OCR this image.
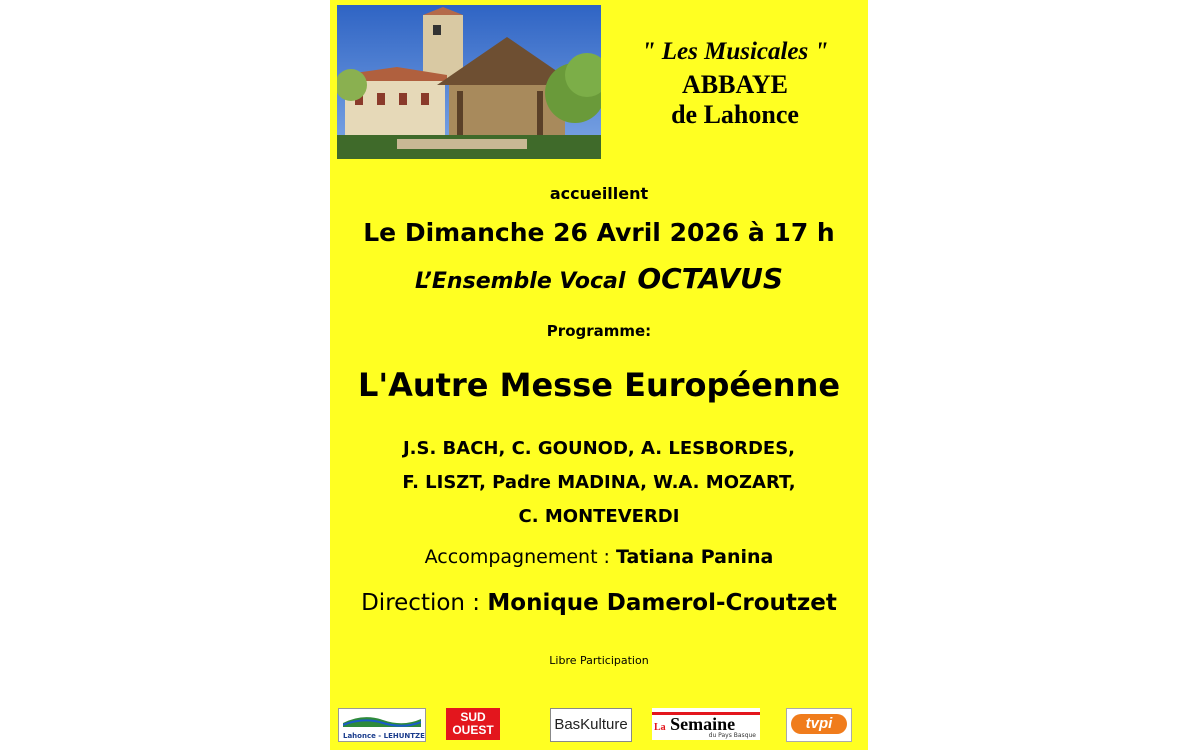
" Les Musicales "
ABBAYE
de Lahonce
accueillent
Le Dimanche 26 Avril 2026 à 17 h
L’Ensemble Vocal OCTAVUS
Programme:
L'Autre Messe Européenne
J.S. BACH, C. GOUNOD, A. LESBORDES,
F. LISZT, Padre MADINA, W.A. MOZART,
C. MONTEVERDI
Accompagnement : Tatiana Panina
Direction : Monique Damerol-Croutzet
Libre Participation
Lahonce - LEHUNTZE
SUD OUEST	BasKulture	La Semaine
du Pays Basque
tvpi
